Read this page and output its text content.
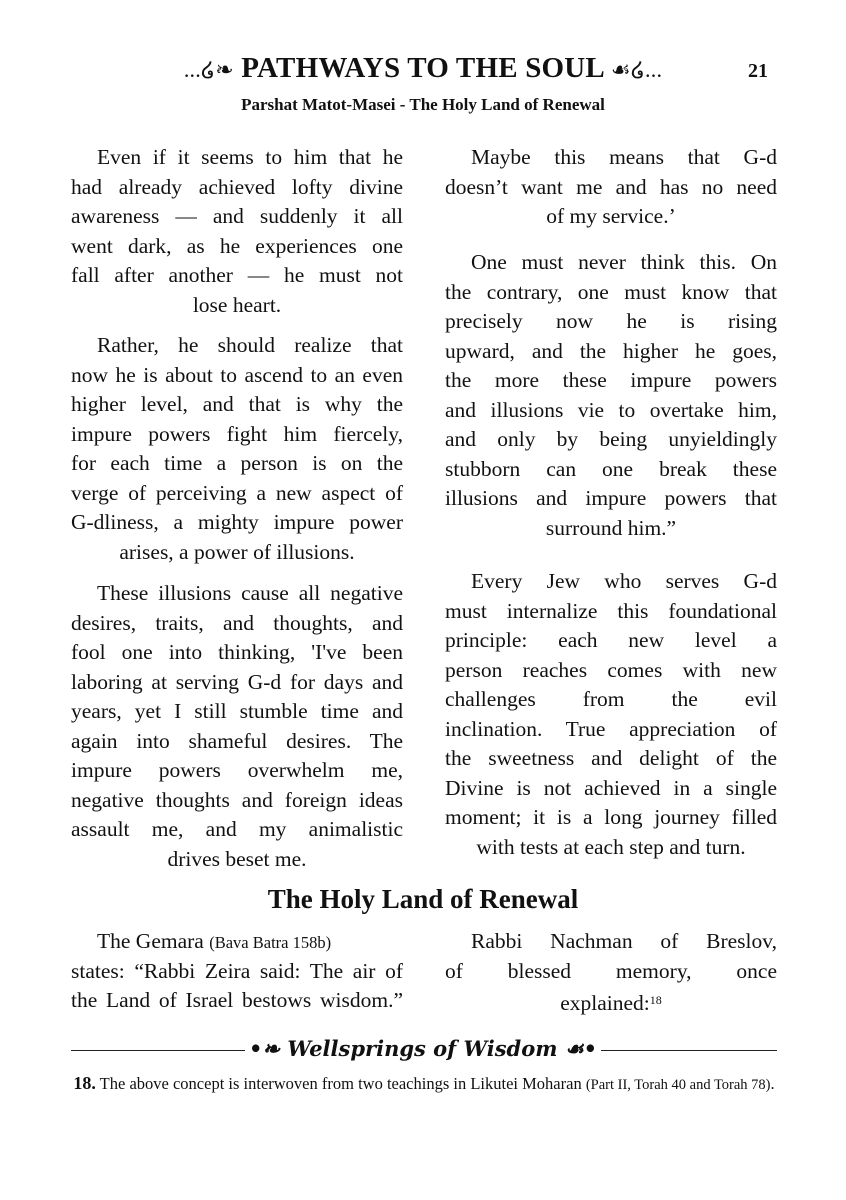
...໒❧ PATHWAYS TO THE SOUL ☙໒...	21
Parshat Matot-Masei - The Holy Land of Renewal
Even if it seems to him that he
had already achieved lofty divine
awareness — and suddenly it all
went dark, as he experiences one
fall after another — he must not
lose heart.
Rather, he should realize that
now he is about to ascend to an even
higher level, and that is why the
impure powers fight him fiercely,
for each time a person is on the
verge of perceiving a new aspect of
G-dliness, a mighty impure power
arises, a power of illusions.
These illusions cause all negative
desires, traits, and thoughts, and
fool one into thinking, 'I've been
laboring at serving G-d for days and
years, yet I still stumble time and
again into shameful desires. The
impure powers overwhelm me,
negative thoughts and foreign ideas
assault me, and my animalistic
drives beset me.
Maybe this means that G-d
doesn’t want me and has no need
of my service.’
One must never think this. On
the contrary, one must know that
precisely now he is rising
upward, and the higher he goes,
the more these impure powers
and illusions vie to overtake him,
and only by being unyieldingly
stubborn can one break these
illusions and impure powers that
surround him.”
Every Jew who serves G-d
must internalize this foundational
principle: each new level a
person reaches comes with new
challenges from the evil
inclination. True appreciation of
the sweetness and delight of the
Divine is not achieved in a single
moment; it is a long journey filled
with tests at each step and turn.
The Holy Land of Renewal
The Gemara (Bava Batra 158b)
states: “Rabbi Zeira said: The air of
the Land of Israel bestows wisdom.”
Rabbi Nachman of Breslov,
of blessed memory, once
explained:$^{18}$
•❧ Wellsprings of Wisdom ☙•
18. The above concept is interwoven from two teachings in Likutei Moharan (Part II, Torah 40 and Torah 78).
